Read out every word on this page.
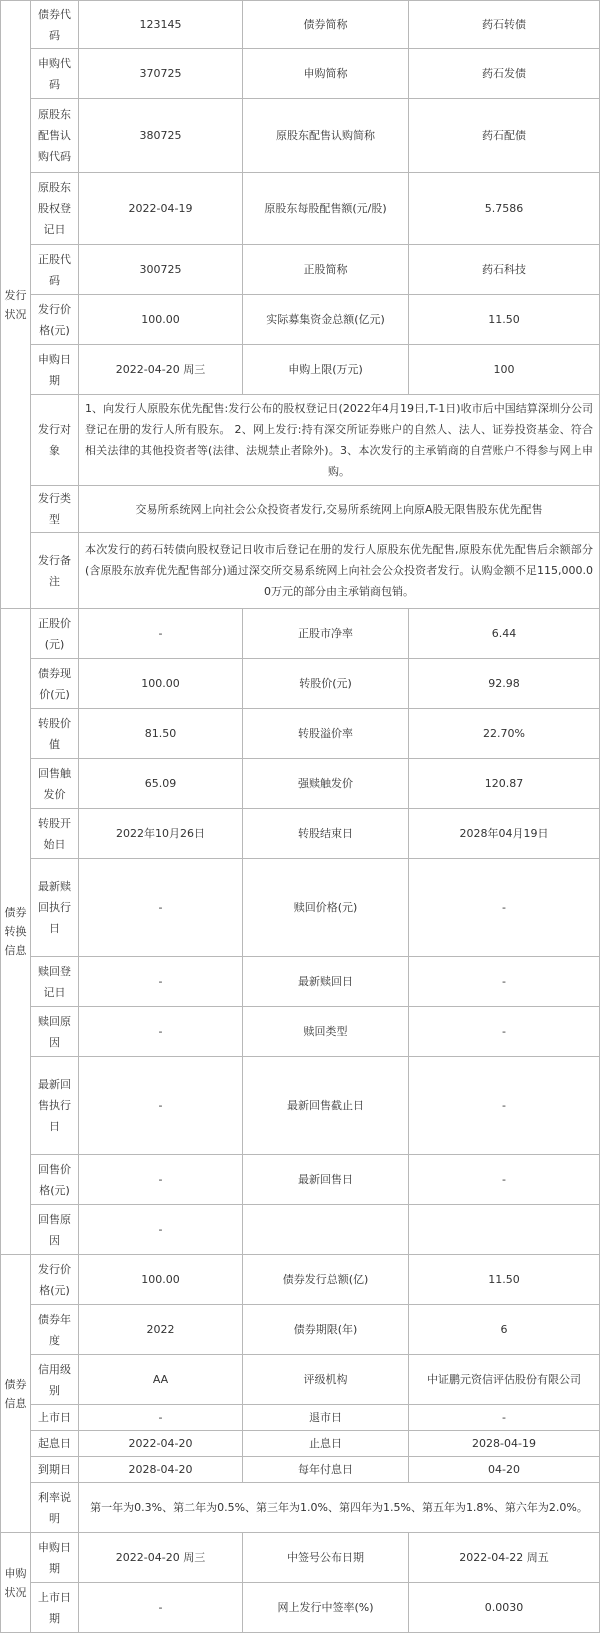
发行状况	债券代码	123145	债券简称	药石转债
	申购代码	370725	申购简称	药石发债
	原股东配售认购代码	380725	原股东配售认购简称	药石配债
	原股东股权登记日	2022-04-19	原股东每股配售额(元/股)	5.7586
	正股代码	300725	正股简称	药石科技
	发行价格(元)	100.00	实际募集资金总额(亿元)	11.50
	申购日期	2022-04-20 周三	申购上限(万元)	100
	发行对象	1、向发行人原股东优先配售:发行公布的股权登记日(2022年4月19日,T-1日)收市后中国结算深圳分公司登记在册的发行人所有股东。 2、网上发行:持有深交所证券账户的自然人、法人、证券投资基金、符合相关法律的其他投资者等(法律、法规禁止者除外)。3、本次发行的主承销商的自营账户不得参与网上申购。		
	发行类型	交易所系统网上向社会公众投资者发行,交易所系统网上向原A股无限售股东优先配售		
	发行备注	本次发行的药石转债向股权登记日收市后登记在册的发行人原股东优先配售,原股东优先配售后余额部分(含原股东放弃优先配售部分)通过深交所交易系统网上向社会公众投资者发行。认购金额不足115,000.00万元的部分由主承销商包销。		
债券转换信息	正股价(元)	-	正股市净率	6.44
	债券现价(元)	100.00	转股价(元)	92.98
	转股价值	81.50	转股溢价率	22.70%
	回售触发价	65.09	强赎触发价	120.87
	转股开始日	2022年10月26日	转股结束日	2028年04月19日
	最新赎回执行日	-	赎回价格(元)	-
	赎回登记日	-	最新赎回日	-
	赎回原因	-	赎回类型	-
	最新回售执行日	-	最新回售截止日	-
	回售价格(元)	-	最新回售日	-
	回售原因	-		
债券信息	发行价格(元)	100.00	债券发行总额(亿)	11.50
	债券年度	2022	债券期限(年)	6
	信用级别	AA	评级机构	中证鹏元资信评估股份有限公司
	上市日	-	退市日	-
	起息日	2022-04-20	止息日	2028-04-19
	到期日	2028-04-20	每年付息日	04-20
	利率说明	第一年为0.3%、第二年为0.5%、第三年为1.0%、第四年为1.5%、第五年为1.8%、第六年为2.0%。		
申购状况	申购日期	2022-04-20 周三	中签号公布日期	2022-04-22 周五
	上市日期	-	网上发行中签率(%)	0.0030
